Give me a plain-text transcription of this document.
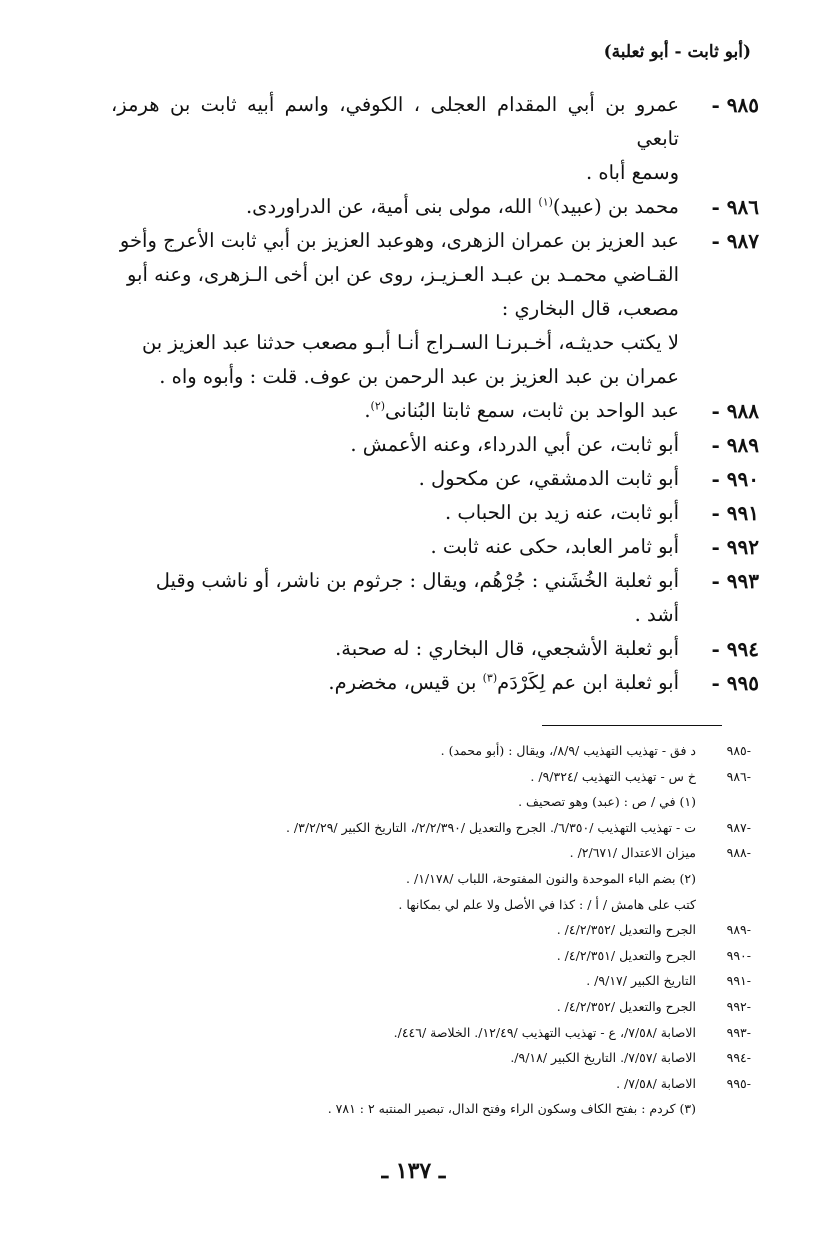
(أبو ثابت - أبو ثعلبة)
٩٨٥ -
عمرو بن أبي المقدام العجلى ، الكوفي، واسم أبيه ثابت بن هرمز، تابعي
وسمع أباه .
٩٨٦ -
محمد بن (عبيد)$^{(١)}$ الله، مولى بنى أمية، عن الدراوردى.
٩٨٧ -
عبد العزيز بن عمران الزهرى، وهوعبد العزيز بن أبي ثابت الأعرج وأخو
القـاضي محمـد بن عبـد العـزيـز، روى عن ابن أخى الـزهرى، وعنه أبو
مصعب، قال البخاري :
لا يكتب حديثـه، أخـبرنـا السـراج أنـا أبـو مصعب حدثنا عبد العزيز بن
عمران بن عبد العزيز بن عبد الرحمن بن عوف. قلت : وأبوه واه .
٩٨٨ -
عبد الواحد بن ثابت، سمع ثابتا البُنانى$^{(٢)}$.
٩٨٩ -
أبو ثابت، عن أبي الدرداء، وعنه الأعمش .
٩٩٠ -
أبو ثابت الدمشقي، عن مكحول .
٩٩١ -
أبو ثابت، عنه زيد بن الحباب .
٩٩٢ -
أبو ثامر العابد، حكى عنه ثابت .
٩٩٣ -
أبو ثعلبة الخُشَني : جُرْهُم، ويقال : جرثوم بن ناشر، أو ناشب وقيل
أشد .
٩٩٤ -
أبو ثعلبة الأشجعي، قال البخاري : له صحبة.
٩٩٥ -
أبو ثعلبة ابن عم لِكَرْدَم$^{(٣)}$ بن قيس، مخضرم.
-٩٨٥
د فق - تهذيب التهذيب /٨/٩/، ويقال : (أبو محمد) .
-٩٨٦
خ س - تهذيب التهذيب /٩/٣٢٤/ .
(١) في / ص : (عبد) وهو تصحيف .
-٩٨٧
ت - تهذيب التهذيب /٦/٣٥٠/. الجرح والتعديل /٢/٢/٣٩٠/، التاريخ الكبير /٣/٢/٢٩/ .
-٩٨٨
ميزان الاعتدال /٢/٦٧١/ .
(٢) بضم الباء الموحدة والنون المفتوحة، اللباب /١/١٧٨/ .
كتب على هامش / أ / : كذا في الأصل ولا علم لي بمكانها .
-٩٨٩
الجرح والتعديل /٤/٢/٣٥٢/ .
-٩٩٠
الجرح والتعديل /٤/٢/٣٥١/ .
-٩٩١
التاريخ الكبير /٩/١٧/ .
-٩٩٢
الجرح والتعديل /٤/٢/٣٥٢/ .
-٩٩٣
الاصابة /٧/٥٨/، ع - تهذيب التهذيب /١٢/٤٩/. الخلاصة /٤٤٦/.
-٩٩٤
الاصابة /٧/٥٧/. التاريخ الكبير /٩/١٨/.
-٩٩٥
الاصابة /٧/٥٨/ .
(٣) كردم : بفتح الكاف وسكون الراء وفتح الدال، تبصير المنتبه ٢ : ٧٨١ .
ـ ١٣٧ ـ
